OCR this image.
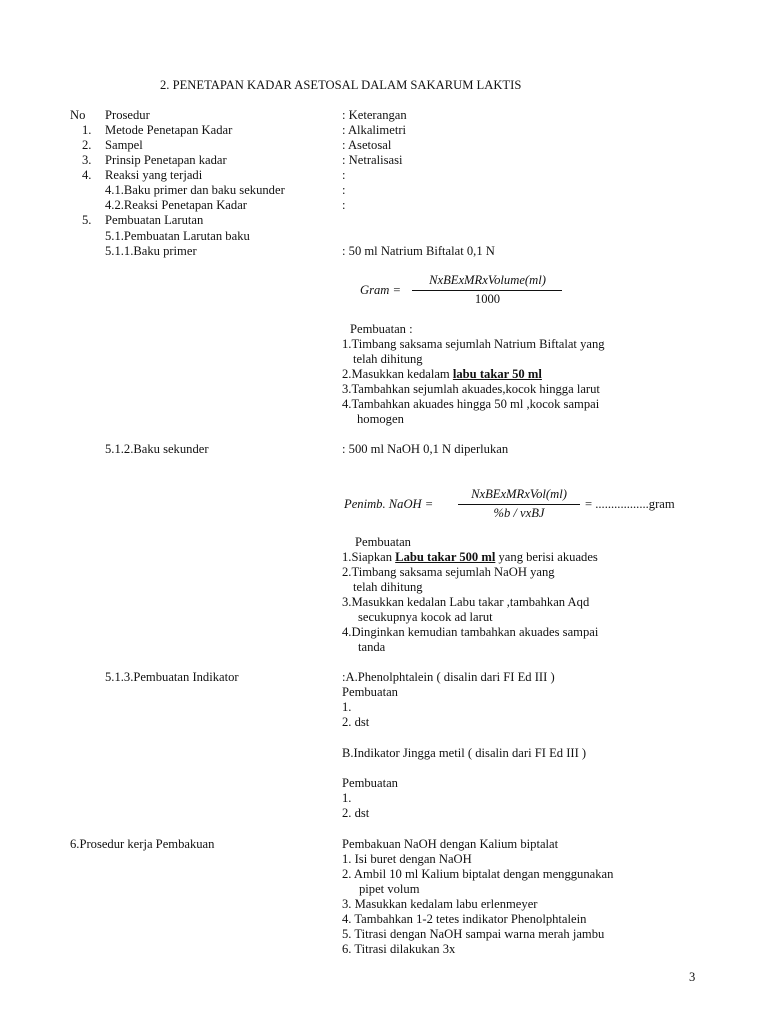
2. PENETAPAN KADAR ASETOSAL DALAM SAKARUM LAKTIS
No Prosedur	: Keterangan
1. Metode Penetapan Kadar	: Alkalimetri
2. Sampel	: Asetosal
3. Prinsip Penetapan kadar	: Netralisasi
4. Reaksi yang terjadi	:
4.1.Baku primer dan baku sekunder	:
4.2.Reaksi Penetapan Kadar	:
5. Pembuatan Larutan
5.1.Pembuatan Larutan baku
5.1.1.Baku primer	: 50 ml Natrium Biftalat 0,1 N
Gram =
NxBExMRxVolume(ml)
1000
Pembuatan :
1.Timbang saksama sejumlah Natrium Biftalat yang
telah dihitung
2.Masukkan kedalam labu takar 50 ml
3.Tambahkan sejumlah akuades,kocok hingga larut
4.Tambahkan akuades hingga 50 ml ,kocok sampai
homogen
5.1.2.Baku sekunder	: 500 ml NaOH 0,1 N diperlukan
Penimb. NaOH =
NxBExMRxVol(ml)
%b / vxBJ
= .................gram
Pembuatan
1.Siapkan Labu takar 500 ml yang berisi akuades
2.Timbang saksama sejumlah NaOH yang
telah dihitung
3.Masukkan kedalan Labu takar ,tambahkan Aqd
secukupnya kocok ad larut
4.Dinginkan kemudian tambahkan akuades sampai
tanda
5.1.3.Pembuatan Indikator	:A.Phenolphtalein ( disalin dari FI Ed III )
Pembuatan
1.
2. dst
B.Indikator Jingga metil ( disalin dari FI Ed III )
Pembuatan
1.
2. dst
6.Prosedur kerja Pembakuan	Pembakuan NaOH dengan Kalium biptalat
1. Isi buret dengan NaOH
2. Ambil 10 ml Kalium biptalat dengan menggunakan
pipet volum
3. Masukkan kedalam labu erlenmeyer
4. Tambahkan 1-2 tetes indikator Phenolphtalein
5. Titrasi dengan NaOH sampai warna merah jambu
6. Titrasi dilakukan 3x
3
